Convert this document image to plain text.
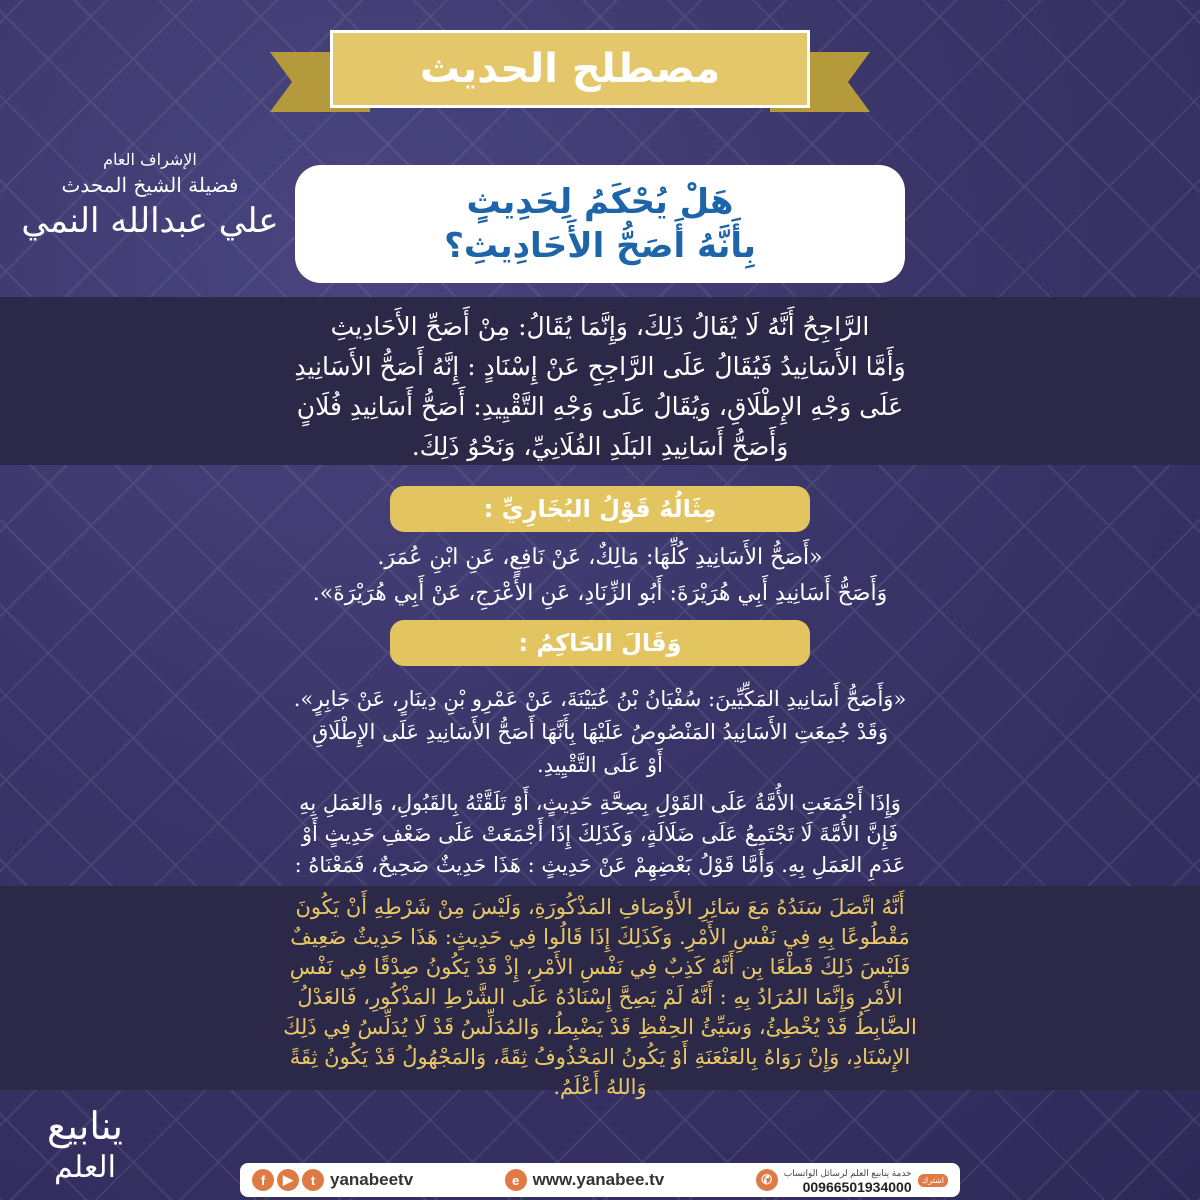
مصطلح الحديث
الإشراف العام
فضيلة الشيخ المحدث
علي عبدالله النمي	هَلْ يُحْكَمُ لِحَدِيثٍ
بِأَنَّهُ أَصَحُّ الأَحَادِيثِ؟
الرَّاجِحُ أَنَّهُ لَا يُقَالُ ذَلِكَ، وَإِنَّمَا يُقَالُ: مِنْ أَصَحِّ الأَحَادِيثِ
وَأَمَّا الأَسَانِيدُ فَيُقَالُ عَلَى الرَّاجِحِ عَنْ إِسْنَادٍ : إِنَّهُ أَصَحُّ الأَسَانِيدِ
عَلَى وَجْهِ الإِطْلَاقِ، وَيُقَالُ عَلَى وَجْهِ التَّقْيِيدِ: أَصَحُّ أَسَانِيدِ فُلَانٍ
وَأَصَحُّ أَسَانِيدِ البَلَدِ الفُلَانِيِّ، وَنَحْوُ ذَلِكَ.
مِثَالُهُ قَوْلُ البُخَارِيِّ :
«أَصَحُّ الأَسَانِيدِ كُلِّهَا: مَالِكٌ، عَنْ نَافِعٍ، عَنِ ابْنِ عُمَرَ.
وَأَصَحُّ أَسَانِيدِ أَبِي هُرَيْرَةَ: أَبُو الزِّنَادِ، عَنِ الأَعْرَجِ، عَنْ أَبِي هُرَيْرَةَ».
وَقَالَ الحَاكِمُ :
«وَأَصَحُّ أَسَانِيدِ المَكِّيِّينَ: سُفْيَانُ بْنُ عُيَيْنَةَ، عَنْ عَمْرِو بْنِ دِينَارٍ، عَنْ جَابِرٍ».
وَقَدْ جُمِعَتِ الأَسَانِيدُ المَنْصُوصُ عَلَيْهَا بِأَنَّهَا أَصَحُّ الأَسَانِيدِ عَلَى الإِطْلَاقِ
أَوْ عَلَى التَّقْيِيدِ.
وَإِذَا أَجْمَعَتِ الأُمَّةُ عَلَى القَوْلِ بِصِحَّةِ حَدِيثٍ، أَوْ تَلَقَّتْهُ بِالقَبُولِ، وَالعَمَلِ بِهِ
فَإِنَّ الأُمَّةَ لَا تَجْتَمِعُ عَلَى ضَلَالَةٍ، وَكَذَلِكَ إِذَا أَجْمَعَتْ عَلَى ضَعْفِ حَدِيثٍ أَوْ
عَدَمِ العَمَلِ بِهِ. وَأَمَّا قَوْلُ بَعْضِهِمْ عَنْ حَدِيثٍ : هَذَا حَدِيثٌ صَحِيحٌ، فَمَعْنَاهُ :
أَنَّهُ اتَّصَلَ سَنَدُهُ مَعَ سَائِرِ الأَوْصَافِ المَذْكُورَةِ، وَلَيْسَ مِنْ شَرْطِهِ أَنْ يَكُونَ
مَقْطُوعًا بِهِ فِي نَفْسِ الأَمْرِ. وَكَذَلِكَ إِذَا قَالُوا فِي حَدِيثٍ: هَذَا حَدِيثٌ ضَعِيفٌ
فَلَيْسَ ذَلِكَ قَطْعًا بِن أَنَّهُ كَذِبٌ فِي نَفْسِ الأَمْرِ، إِذْ قَدْ يَكُونُ صِدْقًا فِي نَفْسِ
الأَمْرِ وَإِنَّمَا المُرَادُ بِهِ : أَنَّهُ لَمْ يَصِحَّ إِسْنَادُهُ عَلَى الشَّرْطِ المَذْكُورِ، فَالعَدْلُ
الضَّابِطُ قَدْ يُخْطِئُ، وَسَيِّئُ الحِفْظِ قَدْ يَضْبِطُ، وَالمُدَلِّسُ قَدْ لَا يُدَلِّسُ فِي ذَلِكَ
الإِسْنَادِ، وَإِنْ رَوَاهُ بِالعَنْعَنَةِ أَوْ يَكُونُ المَحْذُوفُ ثِقَةً، وَالمَجْهُولُ قَدْ يَكُونُ ثِقَةً
وَاللهُ أَعْلَمُ.
ينابيع
العلم	f	▶	t yanabeetv	e www.yanabee.tv	✆	خدمة ينابيع العلم لرسائل الواتساب
00966501934000	اشترك
